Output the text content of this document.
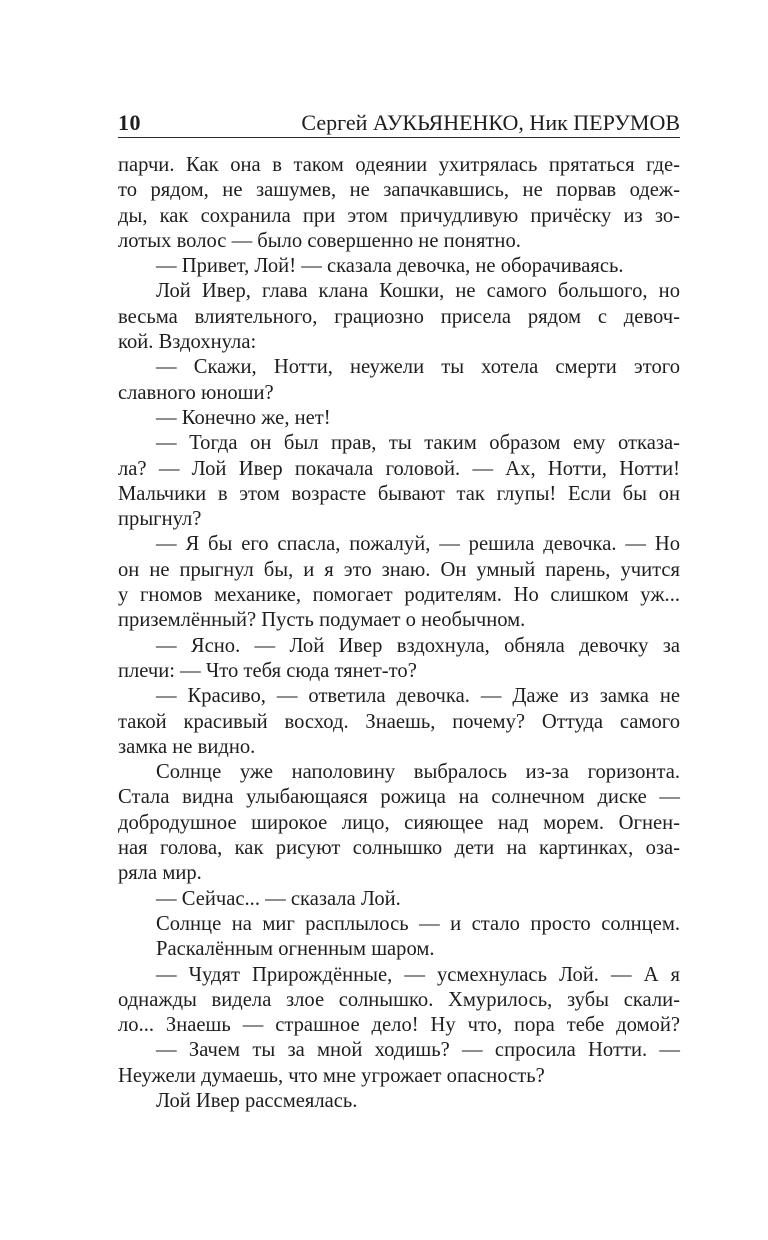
10	Сергей АУКЬЯНЕНКО, Ник ПЕРУМОВ
парчи. Как она в таком одеянии ухитрялась прятаться где-
то рядом, не зашумев, не запачкавшись, не порвав одеж-
ды, как сохранила при этом причудливую причёску из зо-
лотых волос — было совершенно не понятно.
— Привет, Лой! — сказала девочка, не оборачиваясь.
Лой Ивер, глава клана Кошки, не самого большого, но
весьма влиятельного, грациозно присела рядом с девоч-
кой. Вздохнула:
— Скажи, Нотти, неужели ты хотела смерти этого
славного юноши?
— Конечно же, нет!
— Тогда он был прав, ты таким образом ему отказа-
ла? — Лой Ивер покачала головой. — Ах, Нотти, Нотти!
Мальчики в этом возрасте бывают так глупы! Если бы он
прыгнул?
— Я бы его спасла, пожалуй, — решила девочка. — Но
он не прыгнул бы, и я это знаю. Он умный парень, учится
у гномов механике, помогает родителям. Но слишком уж...
приземлённый? Пусть подумает о необычном.
— Ясно. — Лой Ивер вздохнула, обняла девочку за
плечи: — Что тебя сюда тянет-то?
— Красиво, — ответила девочка. — Даже из замка не
такой красивый восход. Знаешь, почему? Оттуда самого
замка не видно.
Солнце уже наполовину выбралось из-за горизонта.
Стала видна улыбающаяся рожица на солнечном диске —
добродушное широкое лицо, сияющее над морем. Огнен-
ная голова, как рисуют солнышко дети на картинках, оза-
ряла мир.
— Сейчас... — сказала Лой.
Солнце на миг расплылось — и стало просто солнцем.
Раскалённым огненным шаром.
— Чудят Прирождённые, — усмехнулась Лой. — А я
однажды видела злое солнышко. Хмурилось, зубы скали-
ло... Знаешь — страшное дело! Ну что, пора тебе домой?
— Зачем ты за мной ходишь? — спросила Нотти. —
Неужели думаешь, что мне угрожает опасность?
Лой Ивер рассмеялась.
